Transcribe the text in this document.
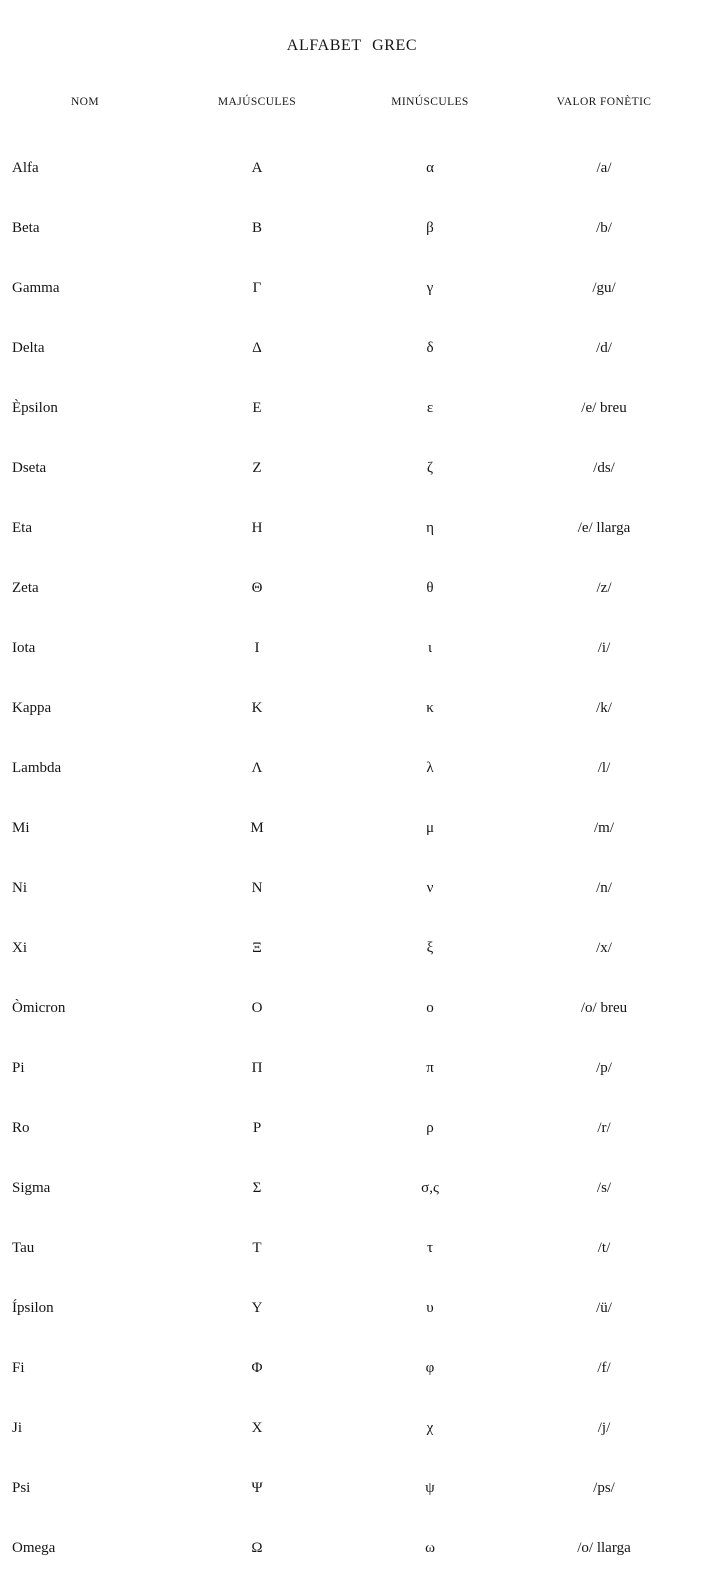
ALFABET GREC
NOM	MAJÚSCULES	MINÚSCULES	VALOR FONÈTIC
Alfa	Α	α	/a/
Beta	Β	β	/b/
Gamma	Γ	γ	/gu/
Delta	Δ	δ	/d/
Èpsilon	Ε	ε	/e/ breu
Dseta	Ζ	ζ	/ds/
Eta	Η	η	/e/ llarga
Zeta	Θ	θ	/z/
Iota	Ι	ι	/i/
Kappa	Κ	κ	/k/
Lambda	Λ	λ	/l/
Mi	Μ	μ	/m/
Ni	Ν	ν	/n/
Xi	Ξ	ξ	/x/
Òmicron	Ο	ο	/o/ breu
Pi	Π	π	/p/
Ro	Ρ	ρ	/r/
Sigma	Σ	σ,ς	/s/
Tau	Τ	τ	/t/
Ípsilon	Υ	υ	/ü/
Fi	Φ	φ	/f/
Ji	Χ	χ	/j/
Psi	Ψ	ψ	/ps/
Omega	Ω	ω	/o/ llarga
